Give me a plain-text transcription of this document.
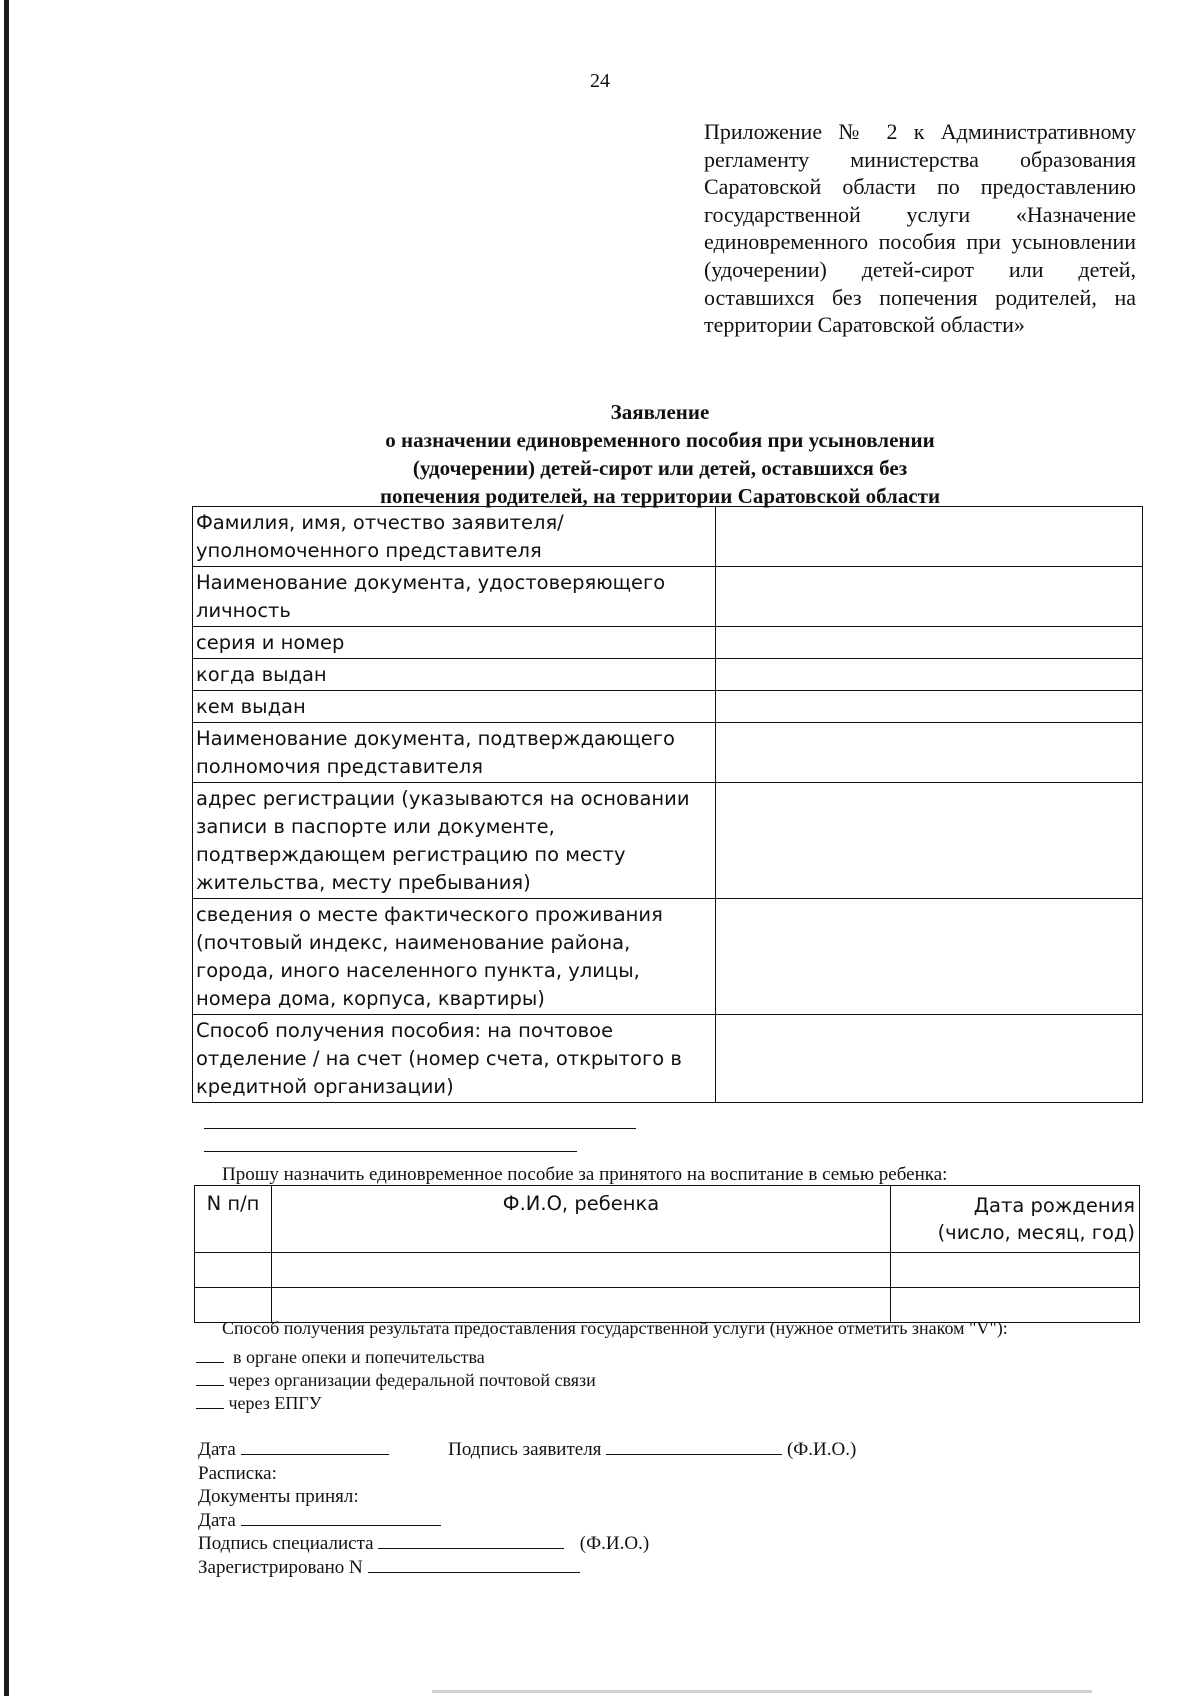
24
Приложение № 2 к Административному регламенту министерства образования Саратовской области по предоставлению государственной услуги «Назначение единовременного пособия при усыновлении (удочерении) детей-сирот или детей, оставшихся без попечения родителей, на территории Саратовской области»
Заявление
о назначении единовременного пособия при усыновлении
(удочерении) детей-сирот или детей, оставшихся без
попечения родителей, на территории Саратовской области
Фамилия, имя, отчество заявителя/уполномоченного представителя	
Наименование документа, удостоверяющего личность	
серия и номер	
когда выдан	
кем выдан	
Наименование документа, подтверждающего полномочия представителя	
адрес регистрации (указываются на основании записи в паспорте или документе, подтверждающем регистрацию по месту жительства, месту пребывания)	
сведения о месте фактического проживания (почтовый индекс, наименование района, города, иного населенного пункта, улицы, номера дома, корпуса, квартиры)	
Способ получения пособия: на почтовое отделение / на счет (номер счета, открытого в кредитной организации)	
Прошу назначить единовременное пособие за принятого на воспитание в семью ребенка:
N п/п	Ф.И.О, ребенка	Дата рождения (число, месяц, год)

Способ получения результата предоставления государственной услуги (нужное отметить знаком "V"):
в органе опеки и попечительства
через организации федеральной почтовой связи
через ЕПГУ
Дата	Подпись заявителя	(Ф.И.О.)
Расписка:
Документы принял:
Дата
Подпись специалиста	(Ф.И.О.)
Зарегистрировано N
